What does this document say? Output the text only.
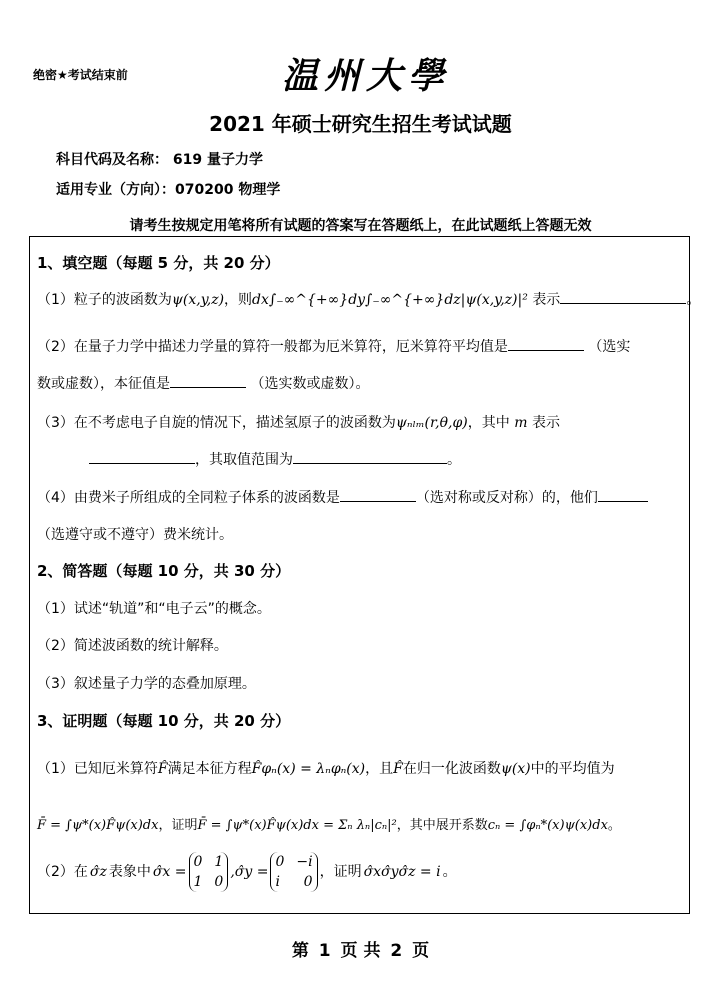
绝密★考试结束前	温州大學
2021 年硕士研究生招生考试试题
科目代码及名称： 619 量子力学
适用专业（方向）：070200 物理学
请考生按规定用笔将所有试题的答案写在答题纸上，在此试题纸上答题无效
1、填空题（每题 5 分，共 20 分）
（1）粒子的波函数为ψ(x,y,z)，则dx∫₋∞^{+∞}dy∫₋∞^{+∞}dz|ψ(x,y,z)|² 表示	。
（2）在量子力学中描述力学量的算符一般都为厄米算符，厄米算符平均值是	（选实
数或虚数），本征值是	（选实数或虚数）。
（3）在不考虑电子自旋的情况下，描述氢原子的波函数为ψₙₗₘ(r,θ,φ)，其中 m 表示
，其取值范围为	。
（4）由费米子所组成的全同粒子体系的波函数是	（选对称或反对称）的，他们
（选遵守或不遵守）费米统计。
2、简答题（每题 10 分，共 30 分）
（1）试述“轨道”和“电子云”的概念。
（2）简述波函数的统计解释。
（3）叙述量子力学的态叠加原理。
3、证明题（每题 10 分，共 20 分）
（1）已知厄米算符F̂满足本征方程F̂φₙ(x) = λₙφₙ(x)，且F̂在归一化波函数ψ(x)中的平均值为
F̄ = ∫ψ*(x)F̂ψ(x)dx，证明F̄ = ∫ψ*(x)F̂ψ(x)dx = Σₙ λₙ|cₙ|²，其中展开系数cₙ = ∫φₙ*(x)ψ(x)dx。
（2）在 σ̂z 表象中 σ̂x =
0 1
1 0
,σ̂y =
0 −i
i 0
，证明 σ̂xσ̂yσ̂z = i 。
第 1 页 共 2 页
